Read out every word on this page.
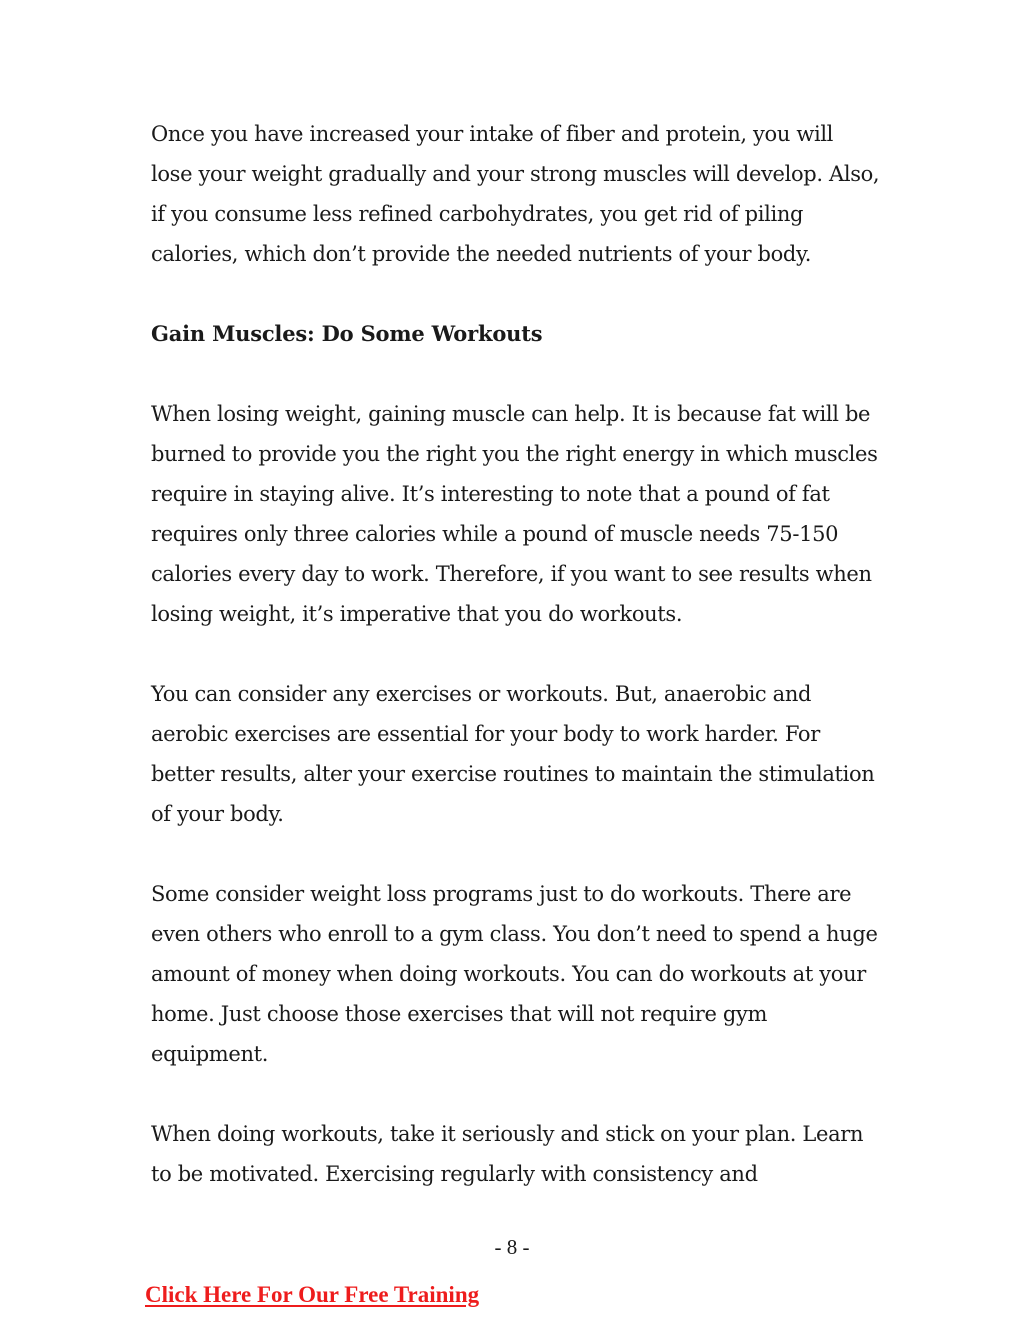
Once you have increased your intake of fiber and protein, you will
lose your weight gradually and your strong muscles will develop. Also,
if you consume less refined carbohydrates, you get rid of piling
calories, which don’t provide the needed nutrients of your body.
Gain Muscles: Do Some Workouts
When losing weight, gaining muscle can help. It is because fat will be
burned to provide you the right you the right energy in which muscles
require in staying alive. It’s interesting to note that a pound of fat
requires only three calories while a pound of muscle needs 75-150
calories every day to work. Therefore, if you want to see results when
losing weight, it’s imperative that you do workouts.
You can consider any exercises or workouts. But, anaerobic and
aerobic exercises are essential for your body to work harder. For
better results, alter your exercise routines to maintain the stimulation
of your body.
Some consider weight loss programs just to do workouts. There are
even others who enroll to a gym class. You don’t need to spend a huge
amount of money when doing workouts. You can do workouts at your
home. Just choose those exercises that will not require gym
equipment.
When doing workouts, take it seriously and stick on your plan. Learn
to be motivated. Exercising regularly with consistency and
- 8 -
Click Here For Our Free Training
